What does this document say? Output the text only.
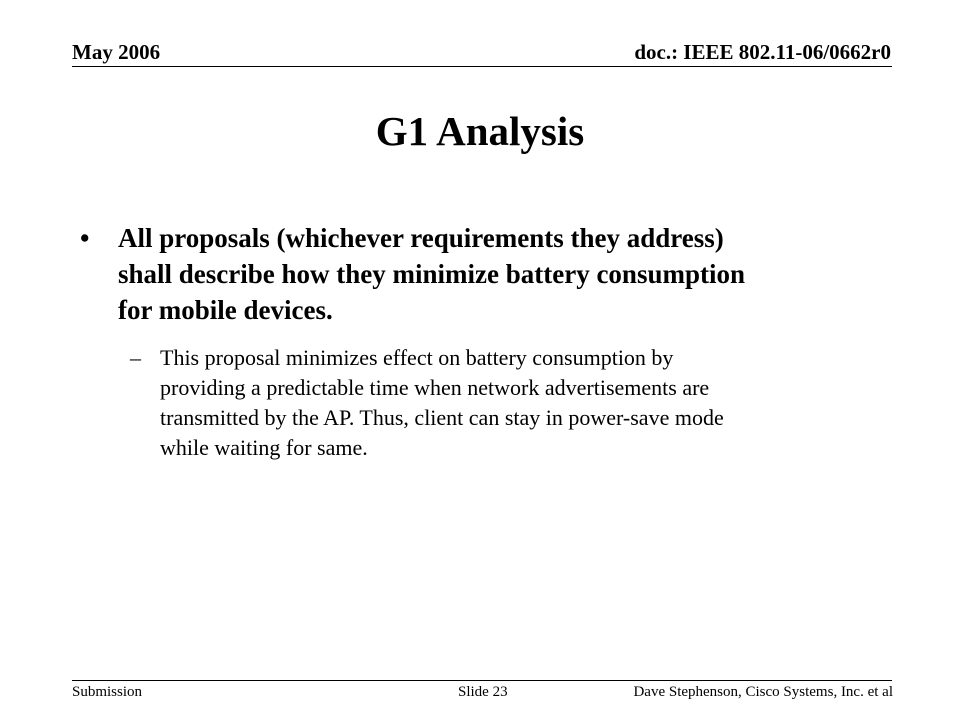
May 2006	doc.: IEEE 802.11-06/0662r0
G1 Analysis
•	All proposals (whichever requirements they address)
shall describe how they minimize battery consumption
for mobile devices.
– This proposal minimizes effect on battery consumption by
providing a predictable time when network advertisements are
transmitted by the AP. Thus, client can stay in power-save mode
while waiting for same.
Submission	Slide 23	Dave Stephenson, Cisco Systems, Inc. et al
